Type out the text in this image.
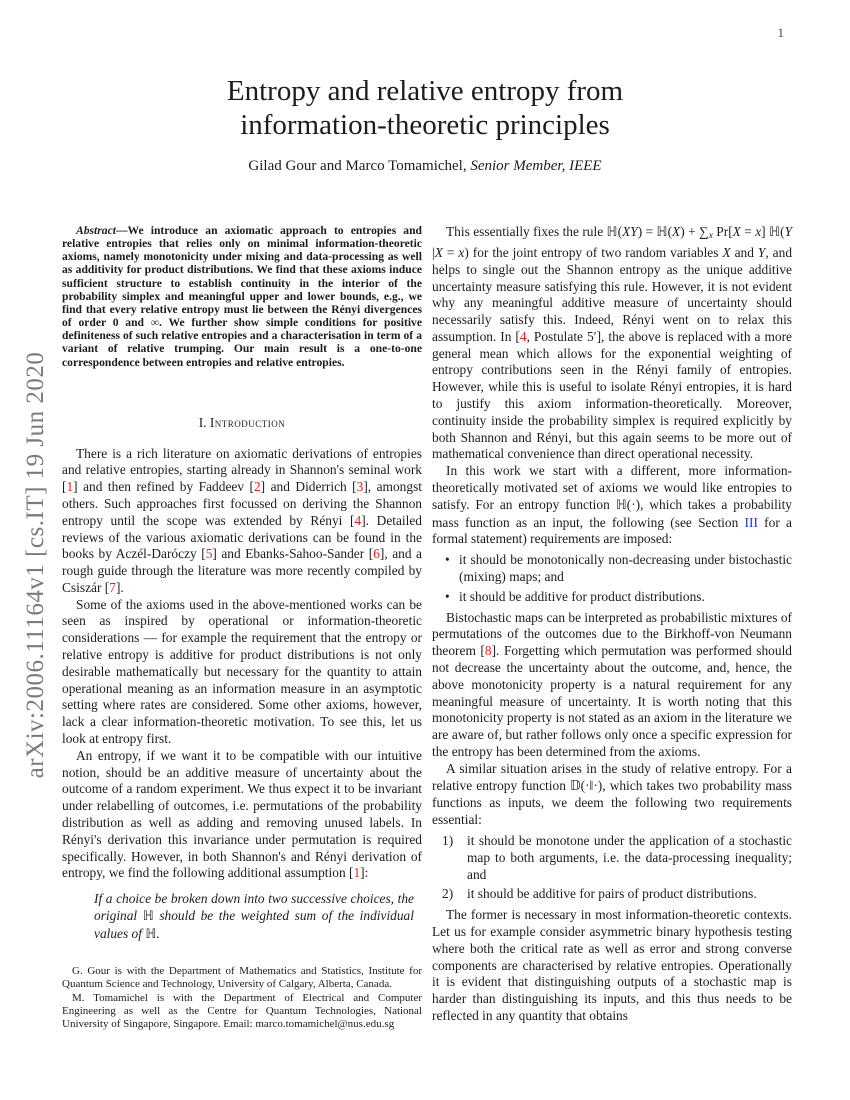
1
arXiv:2006.11164v1 [cs.IT] 19 Jun 2020
Entropy and relative entropy from
information-theoretic principles
Gilad Gour and Marco Tomamichel, Senior Member, IEEE

Abstract—We introduce an axiomatic approach to entropies and relative entropies that relies only on minimal information-theoretic axioms, namely monotonicity under mixing and data-processing as well as additivity for product distributions. We find that these axioms induce sufficient structure to establish continuity in the interior of the probability simplex and meaningful upper and lower bounds, e.g., we find that every relative entropy must lie between the Rényi divergences of order 0 and ∞. We further show simple conditions for positive definiteness of such relative entropies and a characterisation in term of a variant of relative trumping. Our main result is a one-to-one correspondence between entropies and relative entropies.

I. Introduction

There is a rich literature on axiomatic derivations of entropies and relative entropies, starting already in Shannon's seminal work [1] and then refined by Faddeev [2] and Diderrich [3], amongst others. Such approaches first focussed on deriving the Shannon entropy until the scope was extended by Rényi [4]. Detailed reviews of the various axiomatic derivations can be found in the books by Aczél-Daróczy [5] and Ebanks-Sahoo-Sander [6], and a rough guide through the literature was more recently compiled by Csiszár [7].

Some of the axioms used in the above-mentioned works can be seen as inspired by operational or information-theoretic considerations — for example the requirement that the entropy or relative entropy is additive for product distributions is not only desirable mathematically but necessary for the quantity to attain operational meaning as an information measure in an asymptotic setting where rates are considered. Some other axioms, however, lack a clear information-theoretic motivation. To see this, let us look at entropy first.

An entropy, if we want it to be compatible with our intuitive notion, should be an additive measure of uncertainty about the outcome of a random experiment. We thus expect it to be invariant under relabelling of outcomes, i.e. permutations of the probability distribution as well as adding and removing unused labels. In Rényi's derivation this invariance under permutation is required specifically. However, in both Shannon's and Rényi derivation of entropy, we find the following additional assumption [1]:

If a choice be broken down into two successive choices, the original ℍ should be the weighted sum of the individual values of ℍ.

G. Gour is with the Department of Mathematics and Statistics, Institute for Quantum Science and Technology, University of Calgary, Alberta, Canada.

M. Tomamichel is with the Department of Electrical and Computer Engineering as well as the Centre for Quantum Technologies, National University of Singapore, Singapore. Email: marco.tomamichel@nus.edu.sg

This essentially fixes the rule ℍ(XY) = ℍ(X) + ∑x Pr[X = x] ℍ(Y |X = x) for the joint entropy of two random variables X and Y, and helps to single out the Shannon entropy as the unique additive uncertainty measure satisfying this rule. However, it is not evident why any meaningful additive measure of uncertainty should necessarily satisfy this. Indeed, Rényi went on to relax this assumption. In [4, Postulate 5′], the above is replaced with a more general mean which allows for the exponential weighting of entropy contributions seen in the Rényi family of entropies. However, while this is useful to isolate Rényi entropies, it is hard to justify this axiom information-theoretically. Moreover, continuity inside the probability simplex is required explicitly by both Shannon and Rényi, but this again seems to be more out of mathematical convenience than direct operational necessity.

In this work we start with a different, more information-theoretically motivated set of axioms we would like entropies to satisfy. For an entropy function ℍ(·), which takes a probability mass function as an input, the following (see Section III for a formal statement) requirements are imposed:

• it should be monotonically non-decreasing under bistochastic (mixing) maps; and

• it should be additive for product distributions.

Bistochastic maps can be interpreted as probabilistic mixtures of permutations of the outcomes due to the Birkhoff-von Neumann theorem [8]. Forgetting which permutation was performed should not decrease the uncertainty about the outcome, and, hence, the above monotonicity property is a natural requirement for any meaningful measure of uncertainty. It is worth noting that this monotonicity property is not stated as an axiom in the literature we are aware of, but rather follows only once a specific expression for the entropy has been determined from the axioms.

A similar situation arises in the study of relative entropy. For a relative entropy function 𝔻(·‖·), which takes two probability mass functions as inputs, we deem the following two requirements essential:

1) it should be monotone under the application of a stochastic map to both arguments, i.e. the data-processing inequality; and

2) it should be additive for pairs of product distributions.

The former is necessary in most information-theoretic contexts. Let us for example consider asymmetric binary hypothesis testing where both the critical rate as well as error and strong converse components are characterised by relative entropies. Operationally it is evident that distinguishing outputs of a stochastic map is harder than distinguishing its inputs, and this thus needs to be reflected in any quantity that obtains
